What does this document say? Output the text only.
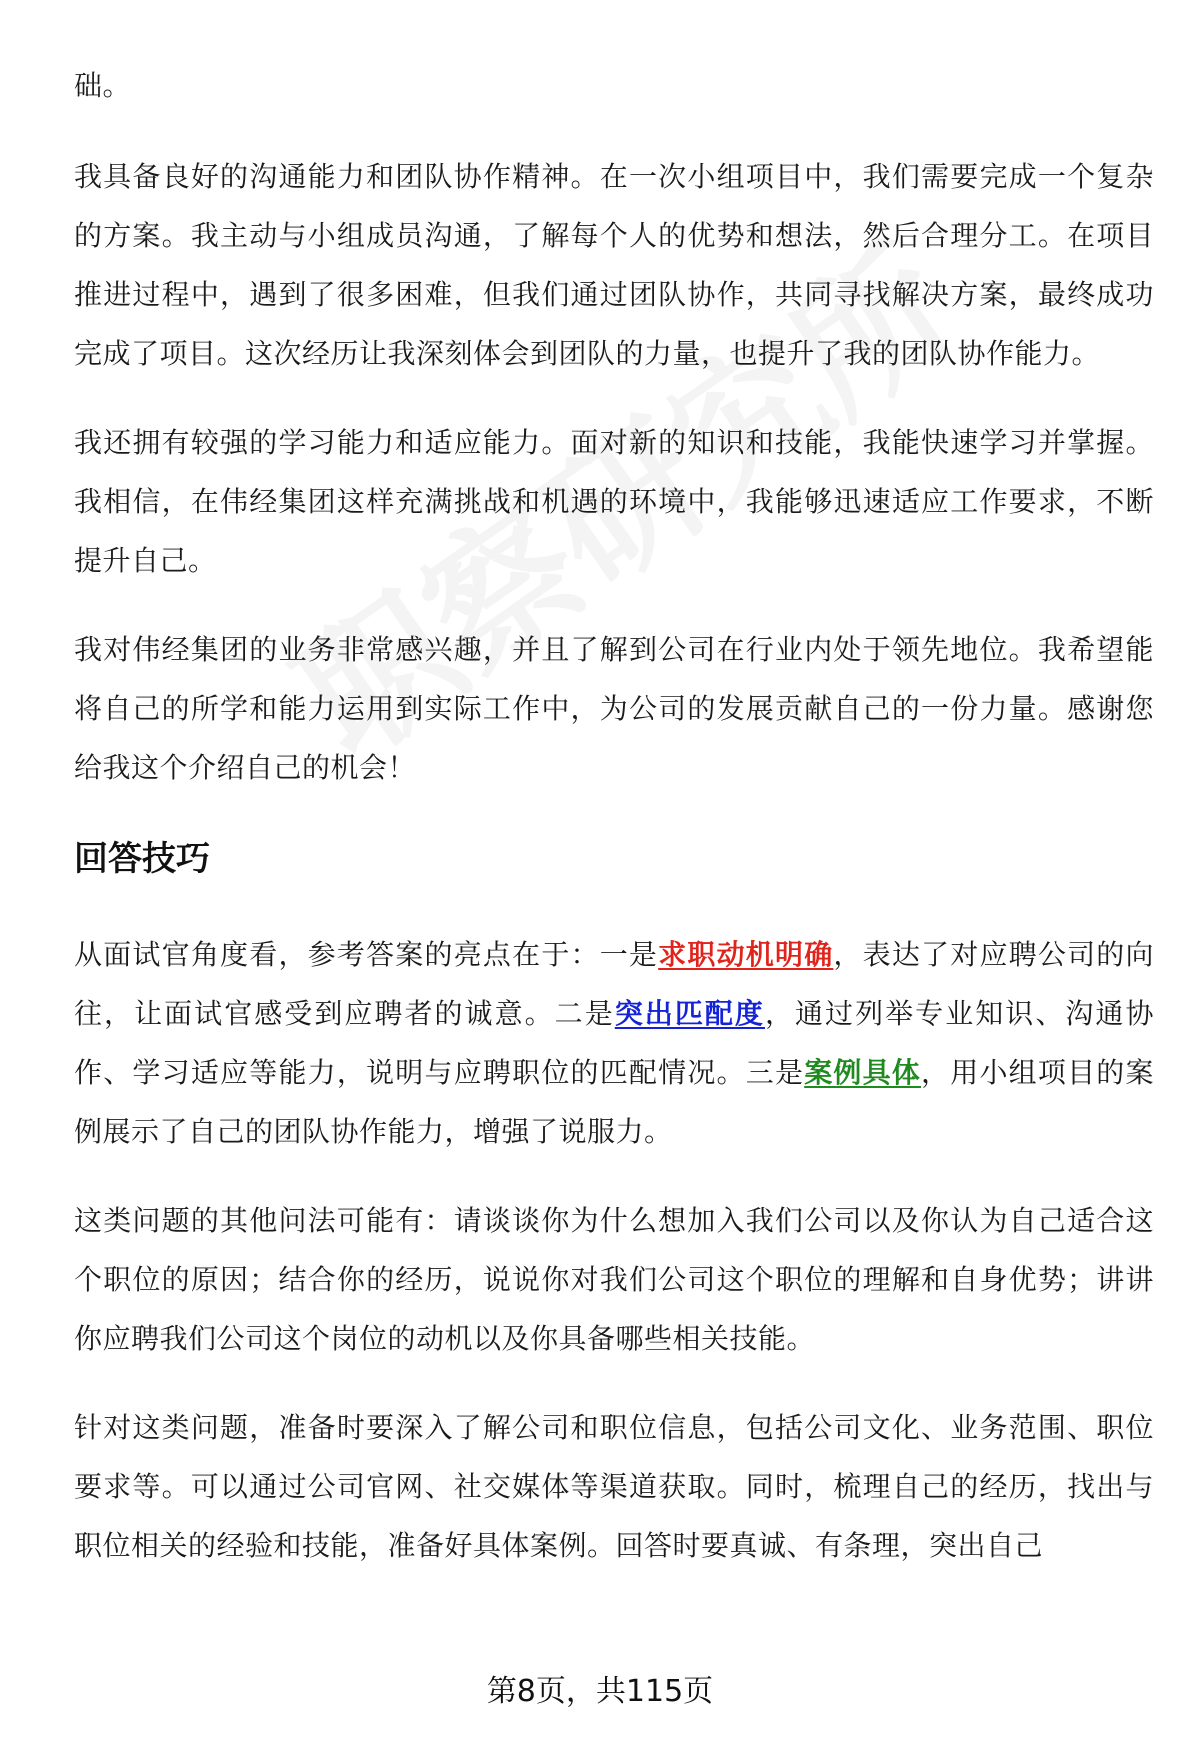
础。

我具备良好的沟通能力和团队协作精神。在一次小组项目中，我们需要完成一个复杂的方案。我主动与小组成员沟通，了解每个人的优势和想法，然后合理分工。在项目推进过程中，遇到了很多困难，但我们通过团队协作，共同寻找解决方案，最终成功完成了项目。这次经历让我深刻体会到团队的力量，也提升了我的团队协作能力。

我还拥有较强的学习能力和适应能力。面对新的知识和技能，我能快速学习并掌握。我相信，在伟经集团这样充满挑战和机遇的环境中，我能够迅速适应工作要求，不断提升自己。

我对伟经集团的业务非常感兴趣，并且了解到公司在行业内处于领先地位。我希望能将自己的所学和能力运用到实际工作中，为公司的发展贡献自己的一份力量。感谢您给我这个介绍自己的机会！

回答技巧

从面试官角度看，参考答案的亮点在于：一是求职动机明确，表达了对应聘公司的向往，让面试官感受到应聘者的诚意。二是突出匹配度，通过列举专业知识、沟通协作、学习适应等能力，说明与应聘职位的匹配情况。三是案例具体，用小组项目的案例展示了自己的团队协作能力，增强了说服力。

这类问题的其他问法可能有：请谈谈你为什么想加入我们公司以及你认为自己适合这个职位的原因；结合你的经历，说说你对我们公司这个职位的理解和自身优势；讲讲你应聘我们公司这个岗位的动机以及你具备哪些相关技能。

针对这类问题，准备时要深入了解公司和职位信息，包括公司文化、业务范围、职位要求等。可以通过公司官网、社交媒体等渠道获取。同时，梳理自己的经历，找出与职位相关的经验和技能，准备好具体案例。回答时要真诚、有条理，突出自己

第8页，共115页
